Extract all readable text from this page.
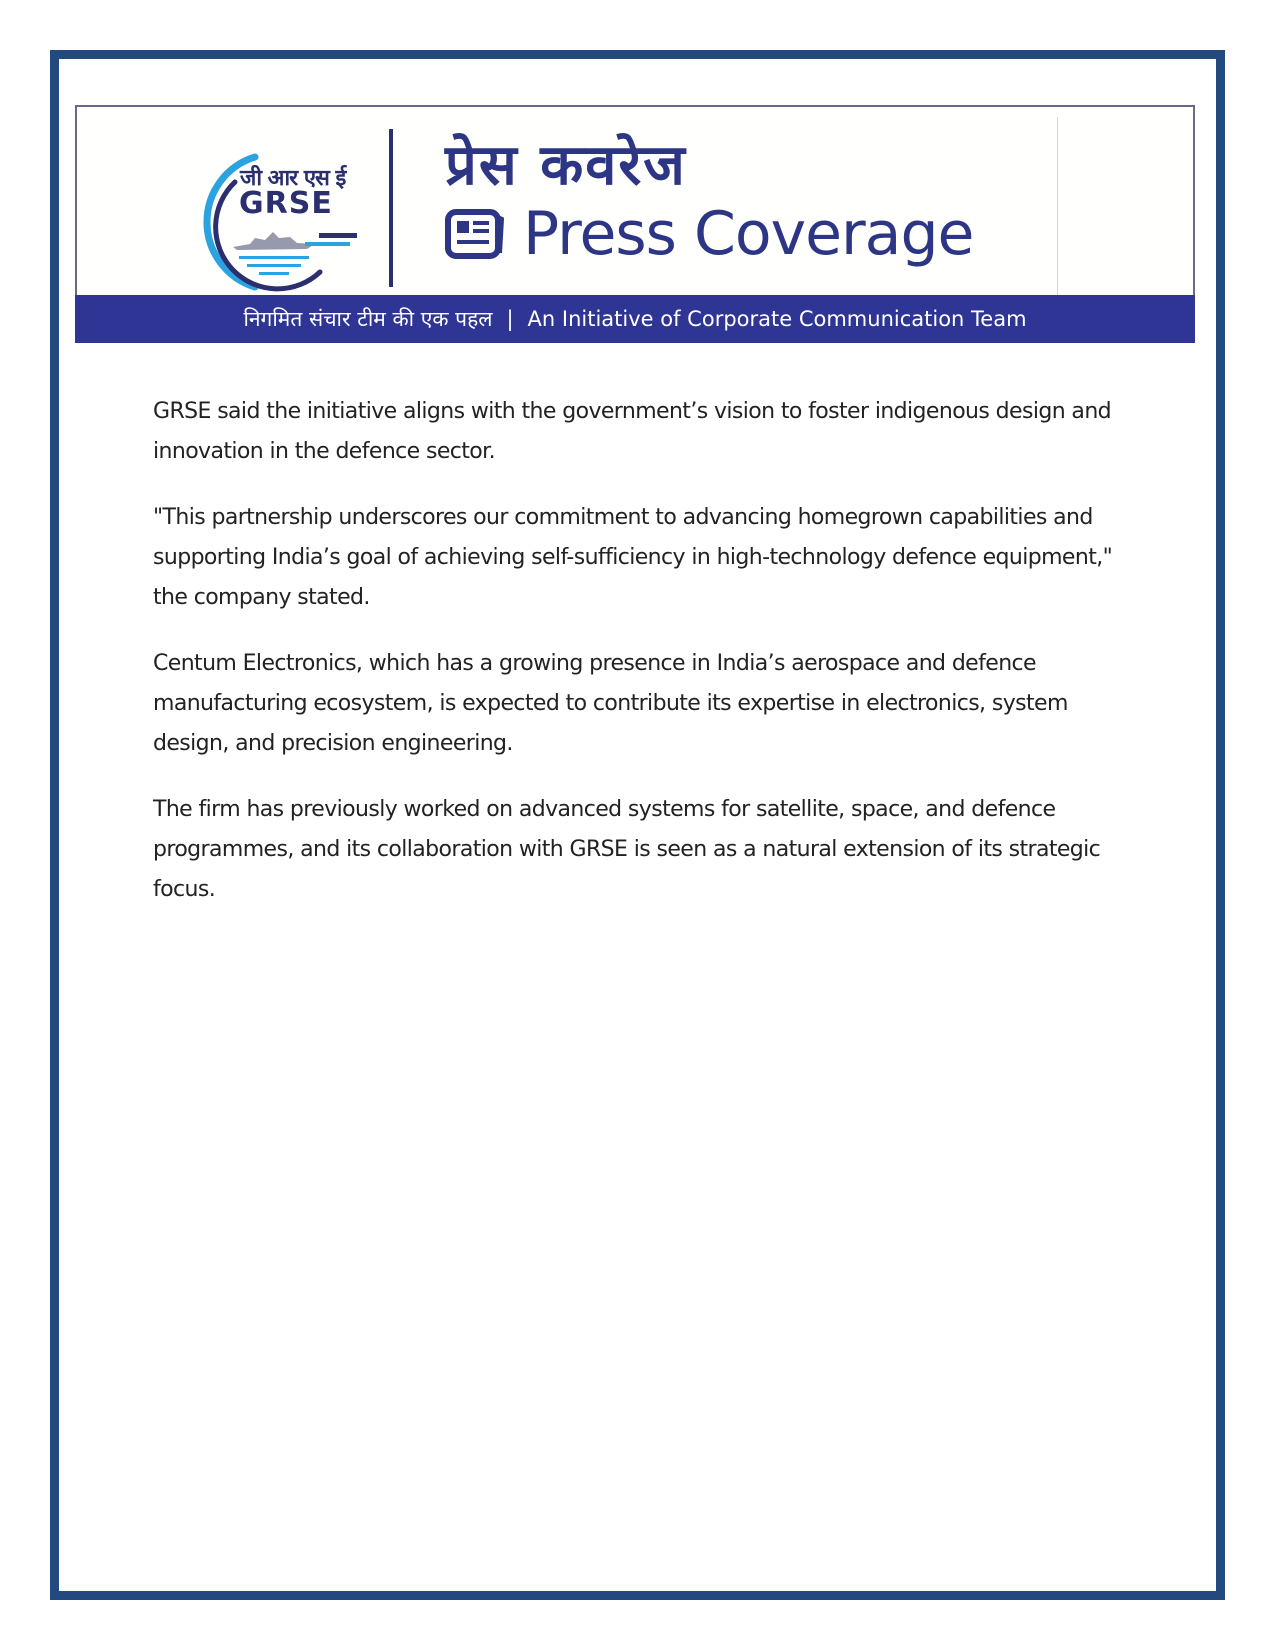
जी आर एस ई
GRSE
प्रेस कवरेज
Press Coverage
निगमित संचार टीम की एक पहल | An Initiative of Corporate Communication Team

GRSE said the initiative aligns with the government’s vision to foster indigenous design and innovation in the defence sector.

"This partnership underscores our commitment to advancing homegrown capabilities and supporting India’s goal of achieving self-sufficiency in high-technology defence equipment," the company stated.

Centum Electronics, which has a growing presence in India’s aerospace and defence manufacturing ecosystem, is expected to contribute its expertise in electronics, system design, and precision engineering.

The firm has previously worked on advanced systems for satellite, space, and defence programmes, and its collaboration with GRSE is seen as a natural extension of its strategic focus.
